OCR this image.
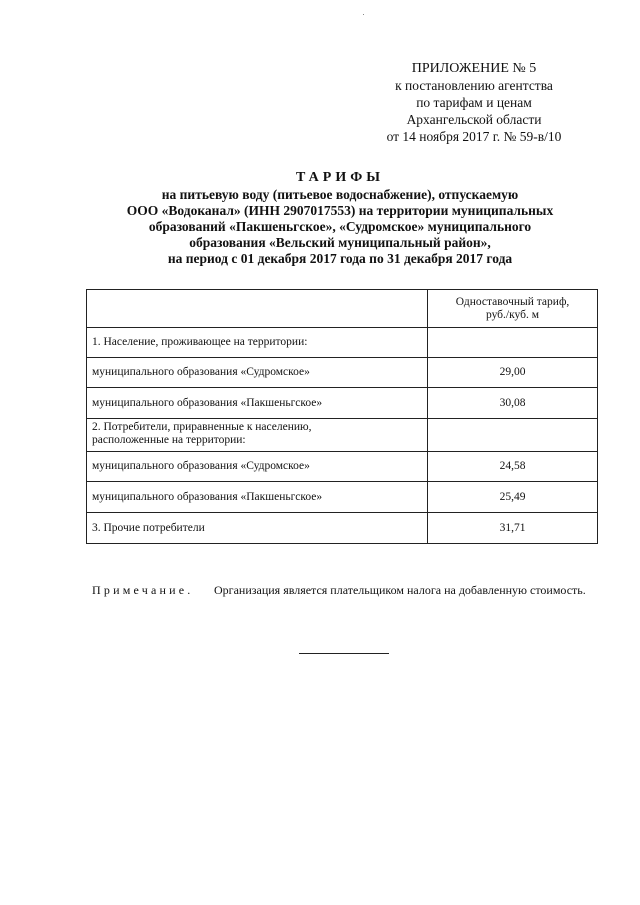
ПРИЛОЖЕНИЕ № 5
к постановлению агентства
по тарифам и ценам
Архангельской области
от 14 ноября 2017 г. № 59-в/10
ТАРИФЫ
на питьевую воду (питьевое водоснабжение), отпускаемую
ООО «Водоканал» (ИНН 2907017553) на территории муниципальных
образований «Пакшеньгское», «Судромское» муниципального
образования «Вельский муниципальный район»,
на период с 01 декабря 2017 года по 31 декабря 2017 года

	Одноставочный тариф,
руб./куб. м

1. Население, проживающее на территории:	
муниципального образования «Судромское»	29,00
муниципального образования «Пакшеньгское»	30,08

2. Потребители, приравненные к населению,
расположенные на территории:	

муниципального образования «Судромское»	24,58
муниципального образования «Пакшеньгское»	25,49
3. Прочие потребители	31,71
Примечание. Организация является плательщиком налога на добавленную стоимость.
